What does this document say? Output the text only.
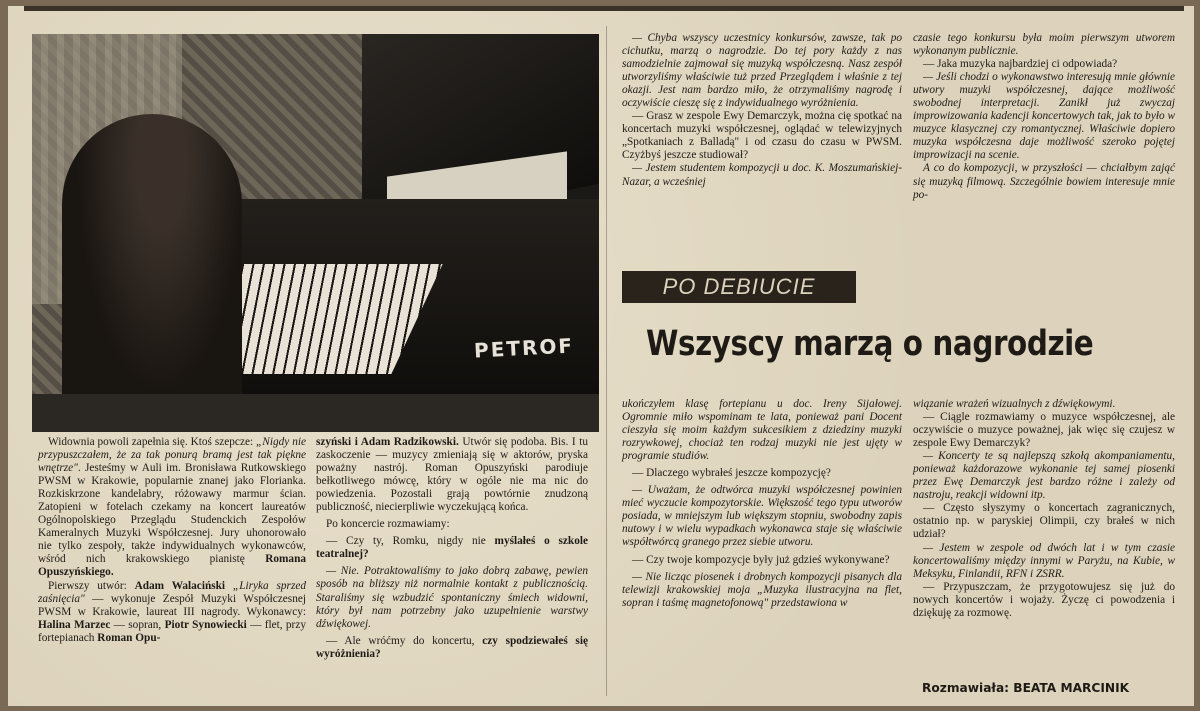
PETROF

Widownia powoli zapełnia się. Ktoś szepcze: „Nigdy nie przypuszczałem, że za tak ponurą bramą jest tak piękne wnętrze". Jesteśmy w Auli im. Bronisława Rutkowskiego PWSM w Krakowie, popularnie znanej jako Florianka. Rozkiskrzone kandelabry, różowawy marmur ścian. Zatopieni w fotelach czekamy na koncert laureatów Ogólnopolskiego Przeglądu Studenckich Zespołów Kameralnych Muzyki Współczesnej. Jury uhonorowało nie tylko zespoły, także indywidualnych wykonawców, wśród nich krakowskiego pianistę Romana Opuszyńskiego.

Pierwszy utwór: Adam Walaciński „Liryka sprzed zaśnięcia" — wykonuje Zespół Muzyki Współczesnej PWSM w Krakowie, laureat III nagrody. Wykonawcy: Halina Marzec — sopran, Piotr Synowiecki — flet, przy fortepianach Roman Opu-

szyński i Adam Radzikowski. Utwór się podoba. Bis. I tu zaskoczenie — muzycy zmieniają się w aktorów, pryska poważny nastrój. Roman Opuszyński parodiuje bełkotliwego mówcę, który w ogóle nie ma nic do powiedzenia. Pozostali grają powtórnie znudzoną publiczność, niecierpliwie wyczekującą końca.

Po koncercie rozmawiamy:

— Czy ty, Romku, nigdy nie myślałeś o szkole teatralnej?

— Nie. Potraktowaliśmy to jako dobrą zabawę, pewien sposób na bliższy niż normalnie kontakt z publicznością. Staraliśmy się wzbudzić spontaniczny śmiech widowni, który był nam potrzebny jako uzupełnienie warstwy dźwiękowej.

— Ale wróćmy do koncertu, czy spodziewałeś się wyróżnienia?

— Chyba wszyscy uczestnicy konkursów, zawsze, tak po cichutku, marzą o nagrodzie. Do tej pory każdy z nas samodzielnie zajmował się muzyką współczesną. Nasz zespół utworzyliśmy właściwie tuż przed Przeglądem i właśnie z tej okazji. Jest nam bardzo miło, że otrzymaliśmy nagrodę i oczywiście cieszę się z indywidualnego wyróżnienia.

— Grasz w zespole Ewy Demarczyk, można cię spotkać na koncertach muzyki współczesnej, oglądać w telewizyjnych „Spotkaniach z Balladą" i od czasu do czasu w PWSM. Czyżbyś jeszcze studiował?

— Jestem studentem kompozycji u doc. K. Moszumańskiej-Nazar, a wcześniej

czasie tego konkursu była moim pierwszym utworem wykonanym publicznie.

— Jaka muzyka najbardziej ci odpowiada?

— Jeśli chodzi o wykonawstwo interesują mnie głównie utwory muzyki współczesnej, dające możliwość swobodnej interpretacji. Zanikł już zwyczaj improwizowania kadencji koncertowych tak, jak to było w muzyce klasycznej czy romantycznej. Właściwie dopiero muzyka współczesna daje możliwość szeroko pojętej improwizacji na scenie.

A co do kompozycji, w przyszłości — chciałbym zająć się muzyką filmową. Szczególnie bowiem interesuje mnie po-

PO DEBIUCIE
Wszyscy marzą o nagrodzie

ukończyłem klasę fortepianu u doc. Ireny Sijałowej. Ogromnie miło wspominam te lata, ponieważ pani Docent cieszyła się moim każdym sukcesikiem z dziedziny muzyki rozrywkowej, chociaż ten rodzaj muzyki nie jest ujęty w programie studiów.

— Dlaczego wybrałeś jeszcze kompozycję?

— Uważam, że odtwórca muzyki współczesnej powinien mieć wyczucie kompozytorskie. Większość tego typu utworów posiada, w mniejszym lub większym stopniu, swobodny zapis nutowy i w wielu wypadkach wykonawca staje się właściwie współtwórcą granego przez siebie utworu.

— Czy twoje kompozycje były już gdzieś wykonywane?

— Nie licząc piosenek i drobnych kompozycji pisanych dla telewizji krakowskiej moja „Muzyka ilustracyjna na flet, sopran i taśmę magnetofonową" przedstawiona w

wiązanie wrażeń wizualnych z dźwiękowymi.

— Ciągle rozmawiamy o muzyce współczesnej, ale oczywiście o muzyce poważnej, jak więc się czujesz w zespole Ewy Demarczyk?

— Koncerty te są najlepszą szkołą akompaniamentu, ponieważ każdorazowe wykonanie tej samej piosenki przez Ewę Demarczyk jest bardzo różne i zależy od nastroju, reakcji widowni itp.

— Często słyszymy o koncertach zagranicznych, ostatnio np. w paryskiej Olimpii, czy brałeś w nich udział?

— Jestem w zespole od dwóch lat i w tym czasie koncertowaliśmy między innymi w Paryżu, na Kubie, w Meksyku, Finlandii, RFN i ZSRR.

— Przypuszczam, że przygotowujesz się już do nowych koncertów i wojaży. Życzę ci powodzenia i dziękuję za rozmowę.

Rozmawiała: BEATA MARCINIK
